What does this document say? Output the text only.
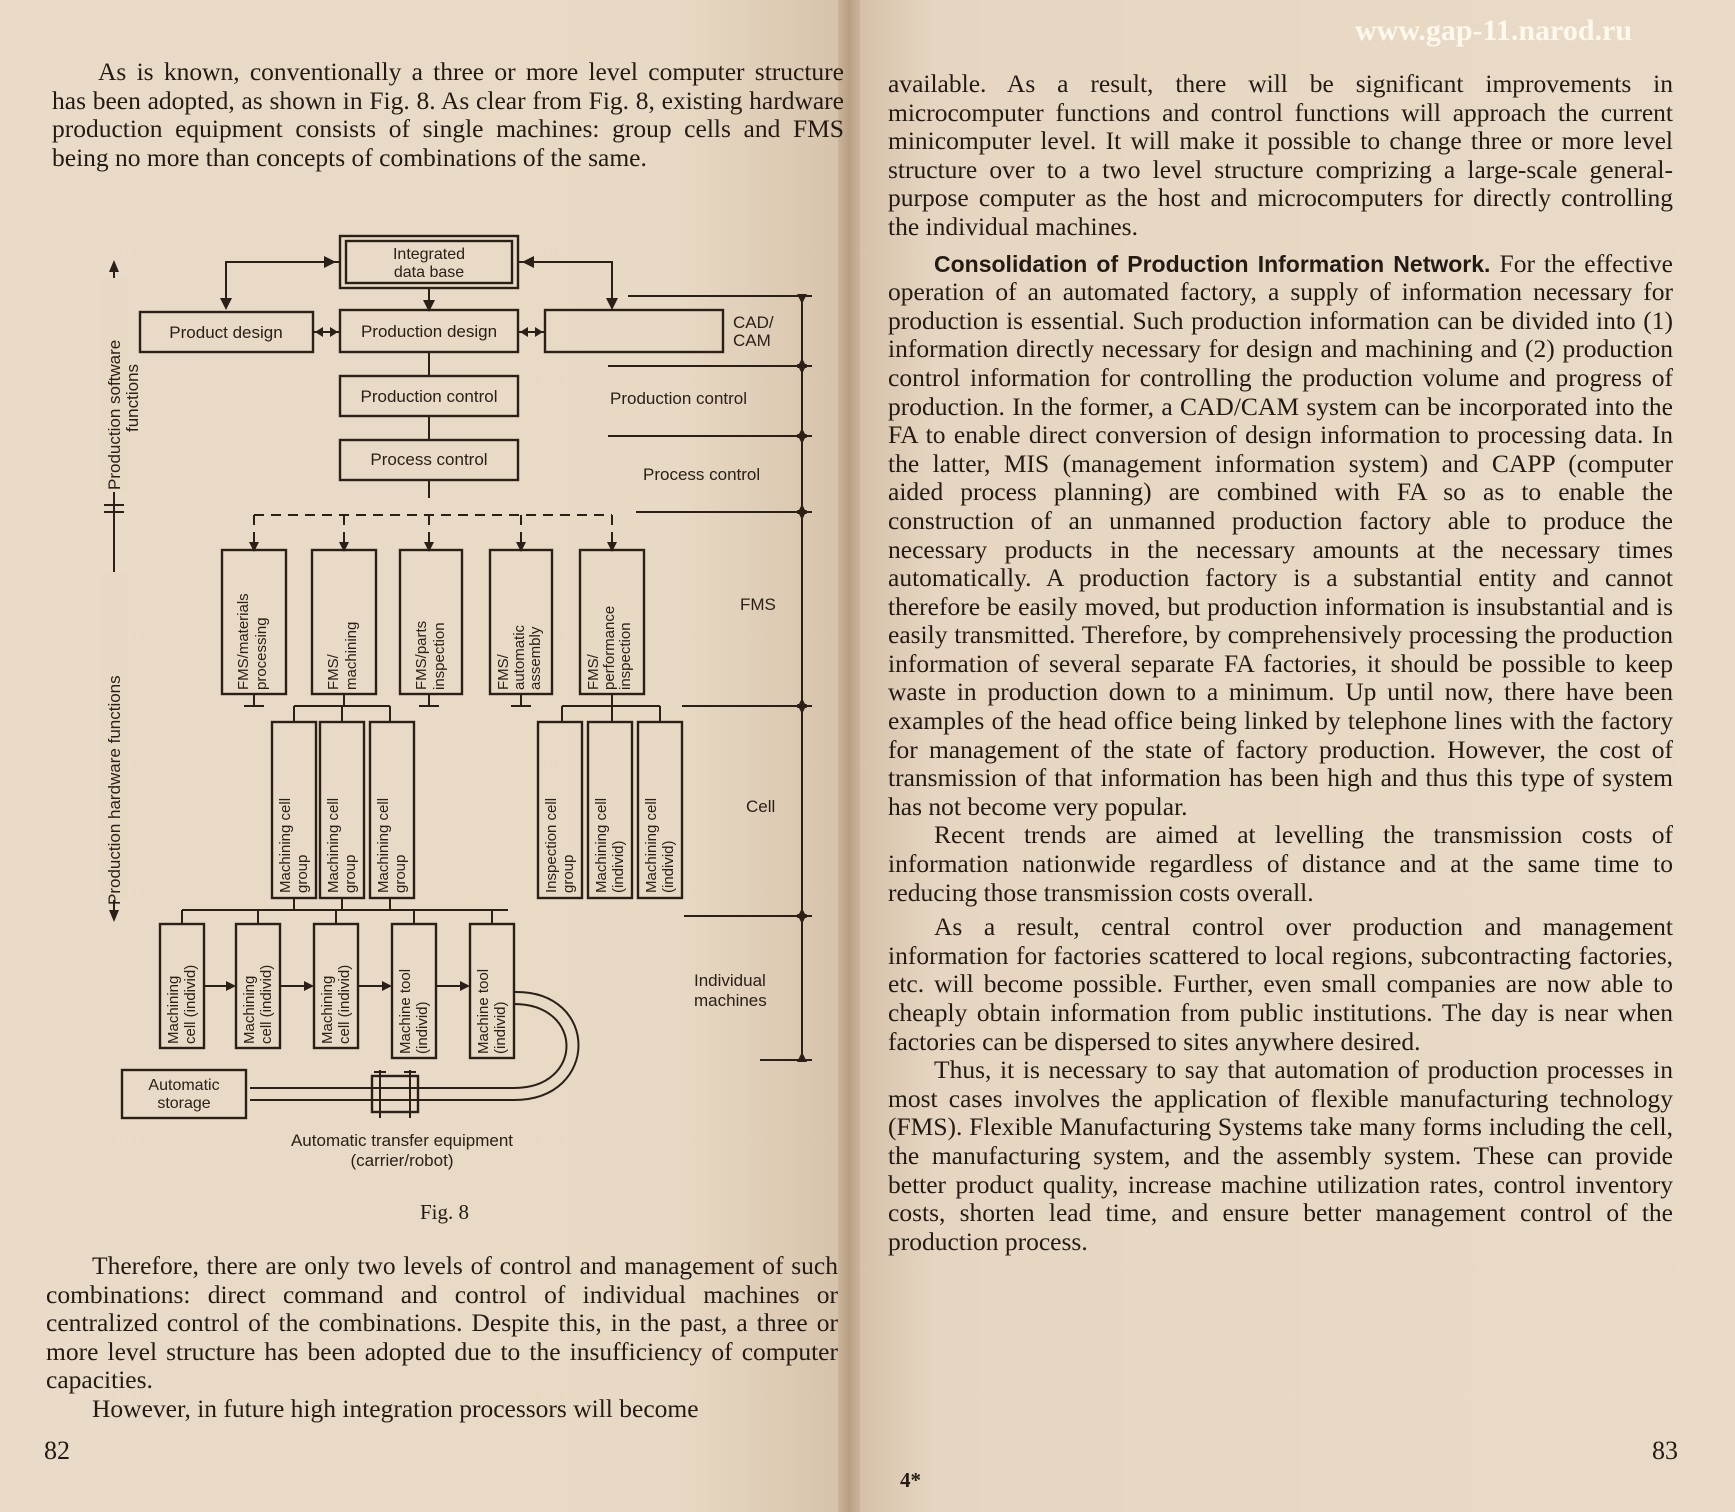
www.gap-11.narod.ru

As is known, conventionally a three or more level computer structure has been adopted, as shown in Fig. 8. As clear from Fig. 8, existing hardware production equipment consists of single machines: group cells and FMS being no more than concepts of combinations of the same.

Integrated
data base
Product design	Production design
Production control
Process control
FMS/materials processing	FMS/ machining	FMS/parts inspection	FMS/ automatic assembly	FMS/ performance inspection
Machining cell group Machining cell group Machining cell group	Inspection cell group Machining cell (individ) Machining cell (individ)
Machining cell (individ)	Machining cell (individ)	Machining cell (individ)	Machine tool (individ)	Machine tool (individ)
Automatic
storage
Automatic transfer equipment
(carrier/robot)
CAD/
CAM
Production control
Process control
FMS
Cell
Individual
machines
Production software functions
Production hardware functions
Fig. 8

Therefore, there are only two levels of control and management of such combinations: direct command and control of individual machines or centralized control of the combinations. Despite this, in the past, a three or more level structure has been adopted due to the insufficiency of computer capacities.

However, in future high integration processors will become

82

available. As a result, there will be significant improvements in microcomputer functions and control functions will approach the current minicomputer level. It will make it possible to change three or more level structure over to a two level structure comprizing a large-scale general-purpose computer as the host and microcomputers for directly controlling the individual machines.

Consolidation of Production Information Network. For the effective operation of an automated factory, a supply of information necessary for production is essential. Such production information can be divided into (1) information directly necessary for design and machining and (2) production control information for controlling the production volume and progress of production. In the former, a CAD/CAM system can be incorporated into the FA to enable direct conversion of design information to processing data. In the latter, MIS (management information system) and CAPP (computer aided process planning) are combined with FA so as to enable the construction of an unmanned production factory able to produce the necessary products in the necessary amounts at the necessary times automatically. A production factory is a substantial entity and cannot therefore be easily moved, but production information is insubstantial and is easily transmitted. Therefore, by comprehensively processing the production information of several separate FA factories, it should be possible to keep waste in production down to a minimum. Up until now, there have been examples of the head office being linked by telephone lines with the factory for management of the state of factory production. However, the cost of transmission of that information has been high and thus this type of system has not become very popular.

Recent trends are aimed at levelling the transmission costs of information nationwide regardless of distance and at the same time to reducing those transmission costs overall.

As a result, central control over production and management information for factories scattered to local regions, subcontracting factories, etc. will become possible. Further, even small companies are now able to cheaply obtain information from public institutions. The day is near when factories can be dispersed to sites anywhere desired.

Thus, it is necessary to say that automation of production processes in most cases involves the application of flexible manufacturing technology (FMS). Flexible Manufacturing Systems take many forms including the cell, the manufacturing system, and the assembly system. These can provide better product quality, increase machine utilization rates, control inventory costs, shorten lead time, and ensure better management control of the production process.

83
4*
